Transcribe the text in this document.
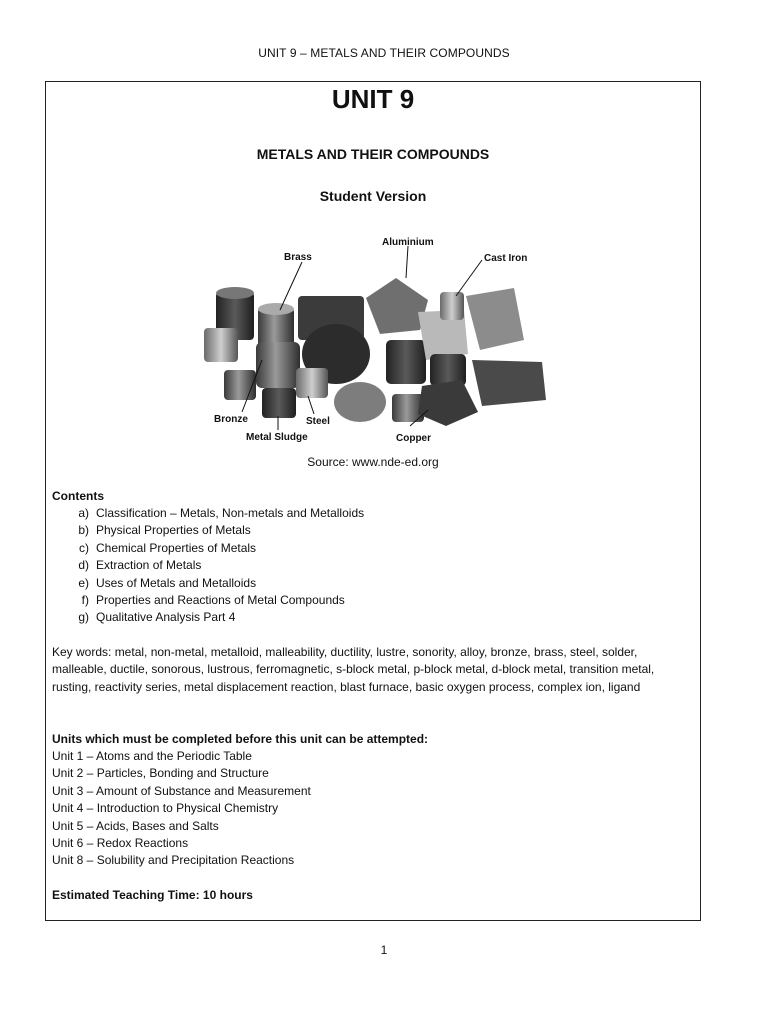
UNIT 9 – METALS AND THEIR COMPOUNDS
UNIT 9
METALS AND THEIR COMPOUNDS
Student Version
Brass
Aluminium
Cast Iron
Bronze	Steel
Metal Sludge	Copper
Source: www.nde-ed.org
Contents
a) Classification – Metals, Non-metals and Metalloids
b) Physical Properties of Metals
c) Chemical Properties of Metals
d) Extraction of Metals
e) Uses of Metals and Metalloids
f) Properties and Reactions of Metal Compounds
g) Qualitative Analysis Part 4
Key words: metal, non-metal, metalloid, malleability, ductility, lustre, sonority, alloy, bronze, brass, steel, solder, malleable, ductile, sonorous, lustrous, ferromagnetic, s-block metal, p-block metal, d-block metal, transition metal, rusting, reactivity series, metal displacement reaction, blast furnace, basic oxygen process, complex ion, ligand
Units which must be completed before this unit can be attempted:
Unit 1 – Atoms and the Periodic Table
Unit 2 – Particles, Bonding and Structure
Unit 3 – Amount of Substance and Measurement
Unit 4 – Introduction to Physical Chemistry
Unit 5 – Acids, Bases and Salts
Unit 6 – Redox Reactions
Unit 8 – Solubility and Precipitation Reactions
Estimated Teaching Time: 10 hours
1
